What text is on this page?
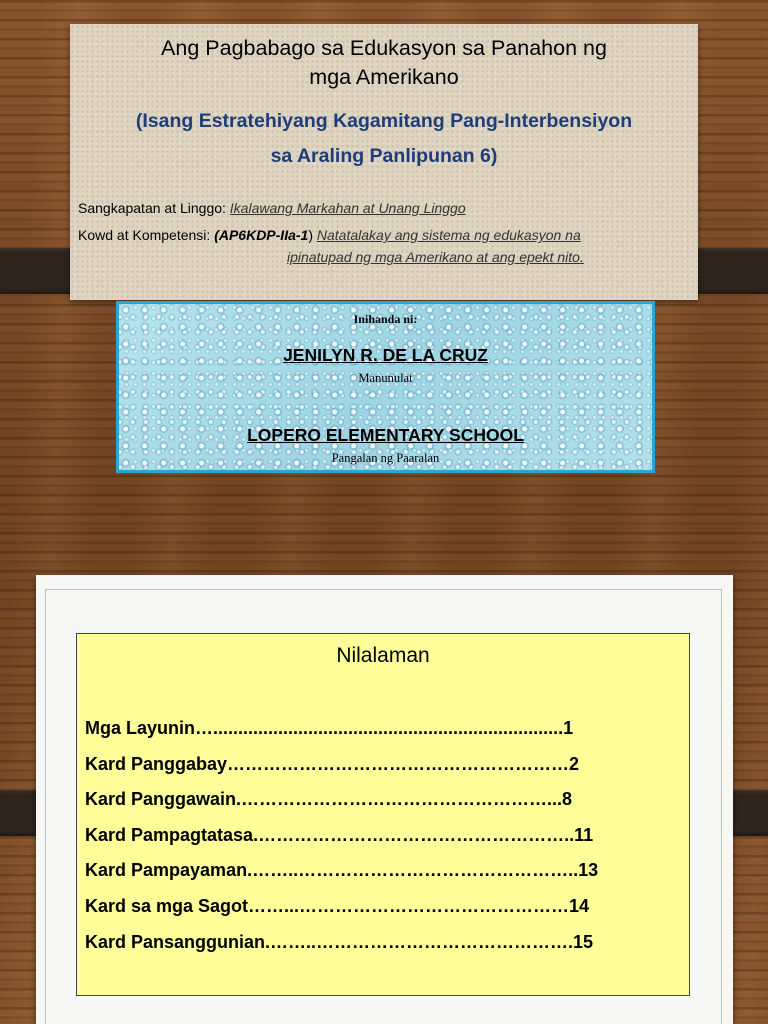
Ang Pagbabago sa Edukasyon sa Panahon ng
mga Amerikano
(Isang Estratehiyang Kagamitang Pang-Interbensiyon
sa Araling Panlipunan 6)
Sangkapatan at Linggo: Ikalawang Markahan at Unang Linggo
Kowd at Kompetensi: (AP6KDP-IIa-1) Natatalakay ang sistema ng edukasyon na
ipinatupad ng mga Amerikano at ang epekt nito.

Inihanda ni:

JENILYN R. DE LA CRUZ

Manunulat

LOPERO ELEMENTARY SCHOOL

Pangalan ng Paaralan

Nilalaman
Mga Layunin…......................................................................1
Kard Panggabay…………………………………………………2
Kard Panggawain.……………………………………………...8
Kard Pampagtatasa.……………………………………………..11
Kard Pampayaman.……..………………………………………..13
Kard sa mga Sagot……...………………………………………14
Kard Pansanggunian.……..…………………………………….15
